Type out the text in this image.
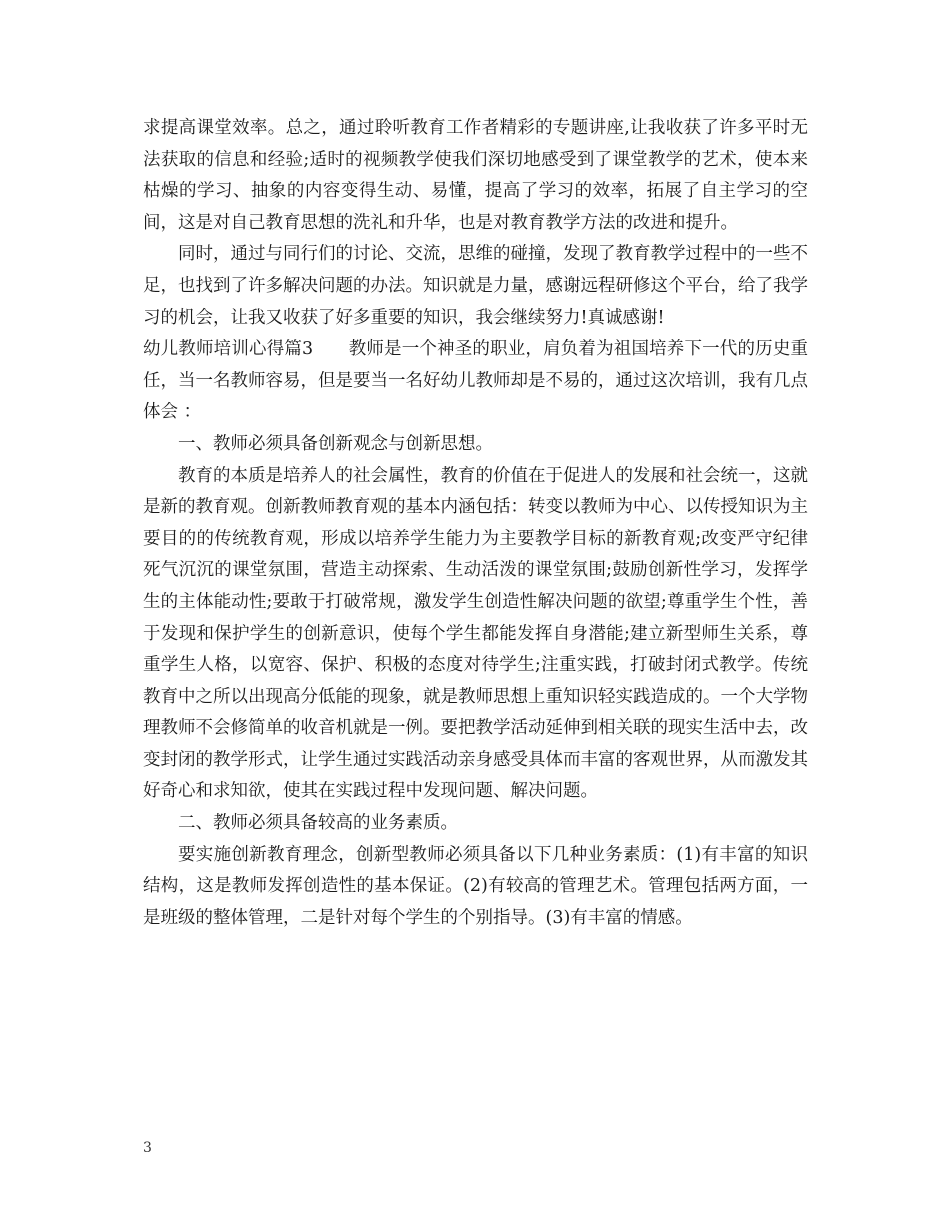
求提高课堂效率。总之，通过聆听教育工作者精彩的专题讲座,让我收获了许多平时无法获取的信息和经验;适时的视频教学使我们深切地感受到了课堂教学的艺术，使本来枯燥的学习、抽象的内容变得生动、易懂，提高了学习的效率，拓展了自主学习的空间，这是对自己教育思想的洗礼和升华，也是对教育教学方法的改进和提升。

同时，通过与同行们的讨论、交流，思维的碰撞，发现了教育教学过程中的一些不足，也找到了许多解决问题的办法。知识就是力量，感谢远程研修这个平台，给了我学习的机会，让我又收获了好多重要的知识，我会继续努力!真诚感谢!

幼儿教师培训心得篇3　　教师是一个神圣的职业，肩负着为祖国培养下一代的历史重任，当一名教师容易，但是要当一名好幼儿教师却是不易的，通过这次培训，我有几点体会 ：

一、教师必须具备创新观念与创新思想。

教育的本质是培养人的社会属性，教育的价值在于促进人的发展和社会统一，这就是新的教育观。创新教师教育观的基本内涵包括：转变以教师为中心、以传授知识为主要目的的传统教育观，形成以培养学生能力为主要教学目标的新教育观;改变严守纪律死气沉沉的课堂氛围，营造主动探索、生动活泼的课堂氛围;鼓励创新性学习，发挥学生的主体能动性;要敢于打破常规，激发学生创造性解决问题的欲望;尊重学生个性，善于发现和保护学生的创新意识，使每个学生都能发挥自身潜能;建立新型师生关系，尊重学生人格，以宽容、保护、积极的态度对待学生;注重实践，打破封闭式教学。传统教育中之所以出现高分低能的现象，就是教师思想上重知识轻实践造成的。一个大学物理教师不会修简单的收音机就是一例。要把教学活动延伸到相关联的现实生活中去，改变封闭的教学形式，让学生通过实践活动亲身感受具体而丰富的客观世界，从而激发其好奇心和求知欲，使其在实践过程中发现问题、解决问题。

二、教师必须具备较高的业务素质。

要实施创新教育理念，创新型教师必须具备以下几种业务素质：(1)有丰富的知识结构，这是教师发挥创造性的基本保证。(2)有较高的管理艺术。管理包括两方面，一是班级的整体管理，二是针对每个学生的个别指导。(3)有丰富的情感。

3
